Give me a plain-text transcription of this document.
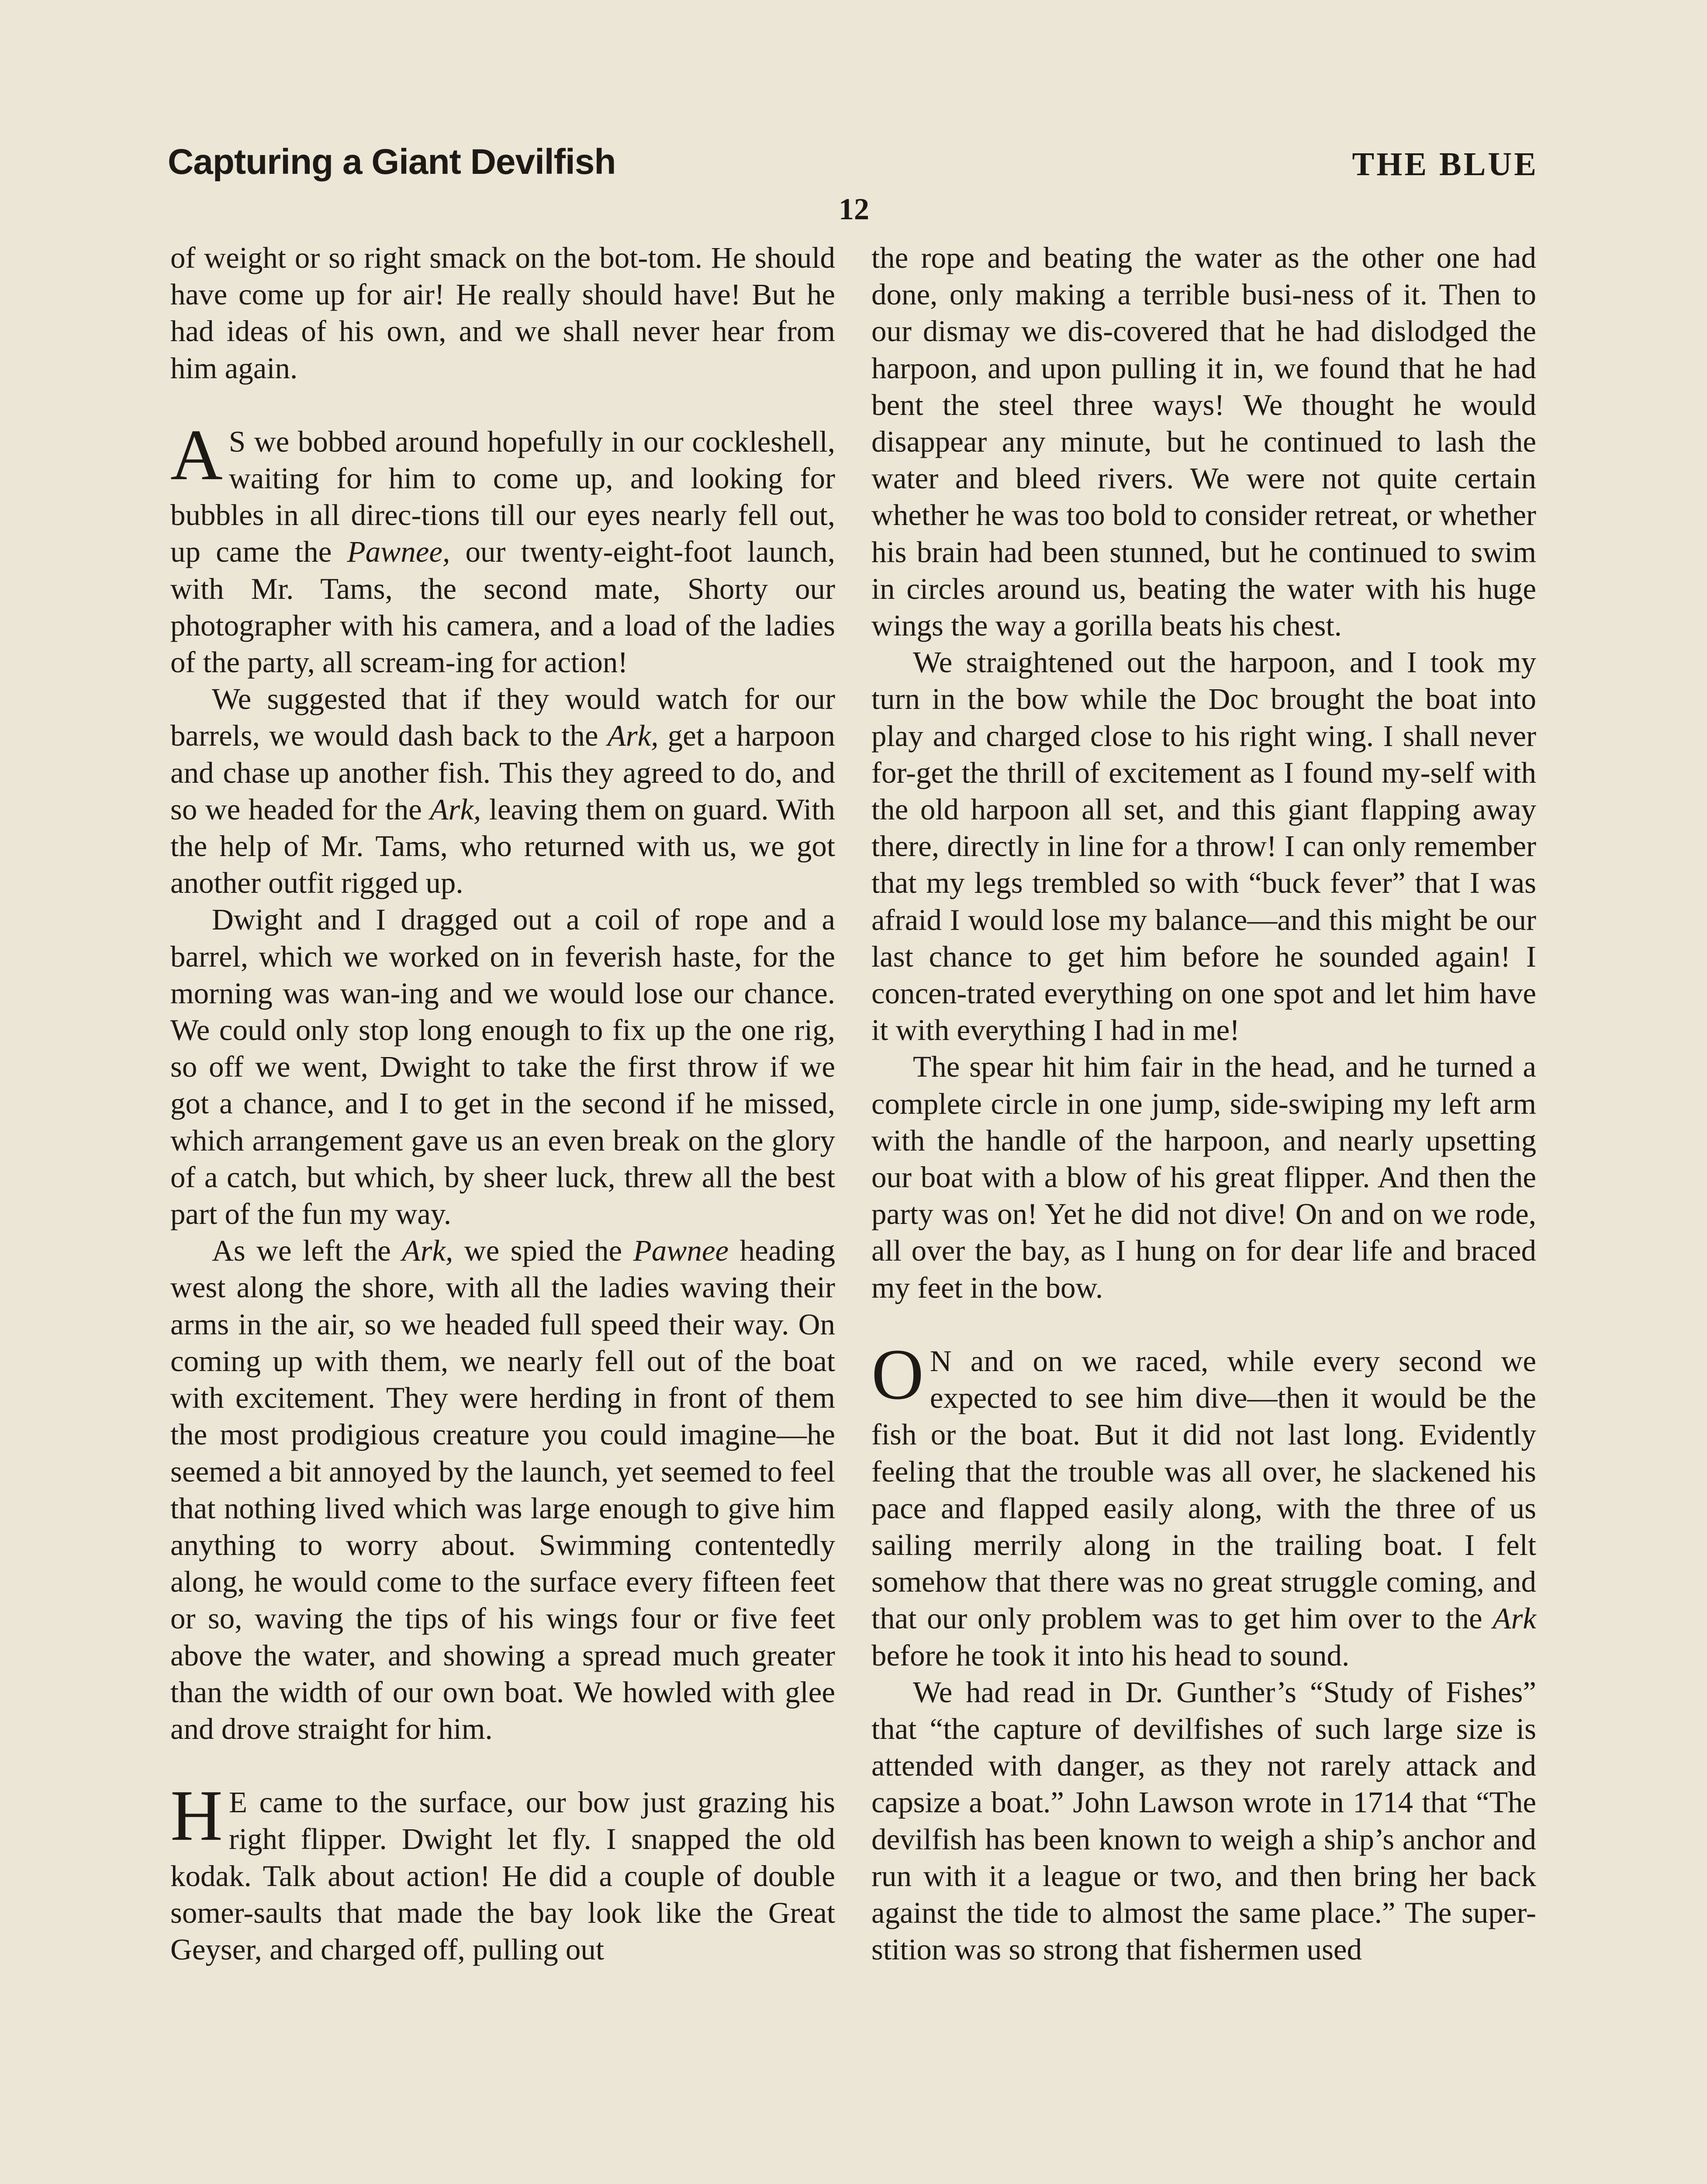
Capturing a Giant Devilfish	THE BLUE
12

of weight or so right smack on the bot-tom. He should have come up for air! He really should have! But he had ideas of his own, and we shall never hear from him again.

A S we bobbed around hopefully in our cockleshell, waiting for him to come up, and looking for bubbles in all direc-tions till our eyes nearly fell out, up came the Pawnee, our twenty-eight-foot launch, with Mr. Tams, the second mate, Shorty our photographer with his camera, and a load of the ladies of the party, all scream-ing for action!

We suggested that if they would watch for our barrels, we would dash back to the Ark, get a harpoon and chase up another fish. This they agreed to do, and so we headed for the Ark, leaving them on guard. With the help of Mr. Tams, who returned with us, we got another outfit rigged up.

Dwight and I dragged out a coil of rope and a barrel, which we worked on in feverish haste, for the morning was wan-ing and we would lose our chance. We could only stop long enough to fix up the one rig, so off we went, Dwight to take the first throw if we got a chance, and I to get in the second if he missed, which arrangement gave us an even break on the glory of a catch, but which, by sheer luck, threw all the best part of the fun my way.

As we left the Ark, we spied the Pawnee heading west along the shore, with all the ladies waving their arms in the air, so we headed full speed their way. On coming up with them, we nearly fell out of the boat with excitement. They were herding in front of them the most prodigious creature you could imagine—he seemed a bit annoyed by the launch, yet seemed to feel that nothing lived which was large enough to give him anything to worry about. Swimming contentedly along, he would come to the surface every fifteen feet or so, waving the tips of his wings four or five feet above the water, and showing a spread much greater than the width of our own boat. We howled with glee and drove straight for him.

H E came to the surface, our bow just grazing his right flipper. Dwight let fly. I snapped the old kodak. Talk about action! He did a couple of double somer-saults that made the bay look like the Great Geyser, and charged off, pulling out

the rope and beating the water as the other one had done, only making a terrible busi-ness of it. Then to our dismay we dis-covered that he had dislodged the harpoon, and upon pulling it in, we found that he had bent the steel three ways! We thought he would disappear any minute, but he continued to lash the water and bleed rivers. We were not quite certain whether he was too bold to consider retreat, or whether his brain had been stunned, but he continued to swim in circles around us, beating the water with his huge wings the way a gorilla beats his chest.

We straightened out the harpoon, and I took my turn in the bow while the Doc brought the boat into play and charged close to his right wing. I shall never for-get the thrill of excitement as I found my-self with the old harpoon all set, and this giant flapping away there, directly in line for a throw! I can only remember that my legs trembled so with “buck fever” that I was afraid I would lose my balance—and this might be our last chance to get him before he sounded again! I concen-trated everything on one spot and let him have it with everything I had in me!

The spear hit him fair in the head, and he turned a complete circle in one jump, side-swiping my left arm with the handle of the harpoon, and nearly upsetting our boat with a blow of his great flipper. And then the party was on! Yet he did not dive! On and on we rode, all over the bay, as I hung on for dear life and braced my feet in the bow.

O N and on we raced, while every second we expected to see him dive—then it would be the fish or the boat. But it did not last long. Evidently feeling that the trouble was all over, he slackened his pace and flapped easily along, with the three of us sailing merrily along in the trailing boat. I felt somehow that there was no great struggle coming, and that our only problem was to get him over to the Ark before he took it into his head to sound.

We had read in Dr. Gunther’s “Study of Fishes” that “the capture of devilfishes of such large size is attended with danger, as they not rarely attack and capsize a boat.” John Lawson wrote in 1714 that “The devilfish has been known to weigh a ship’s anchor and run with it a league or two, and then bring her back against the tide to almost the same place.” The super-stition was so strong that fishermen used
